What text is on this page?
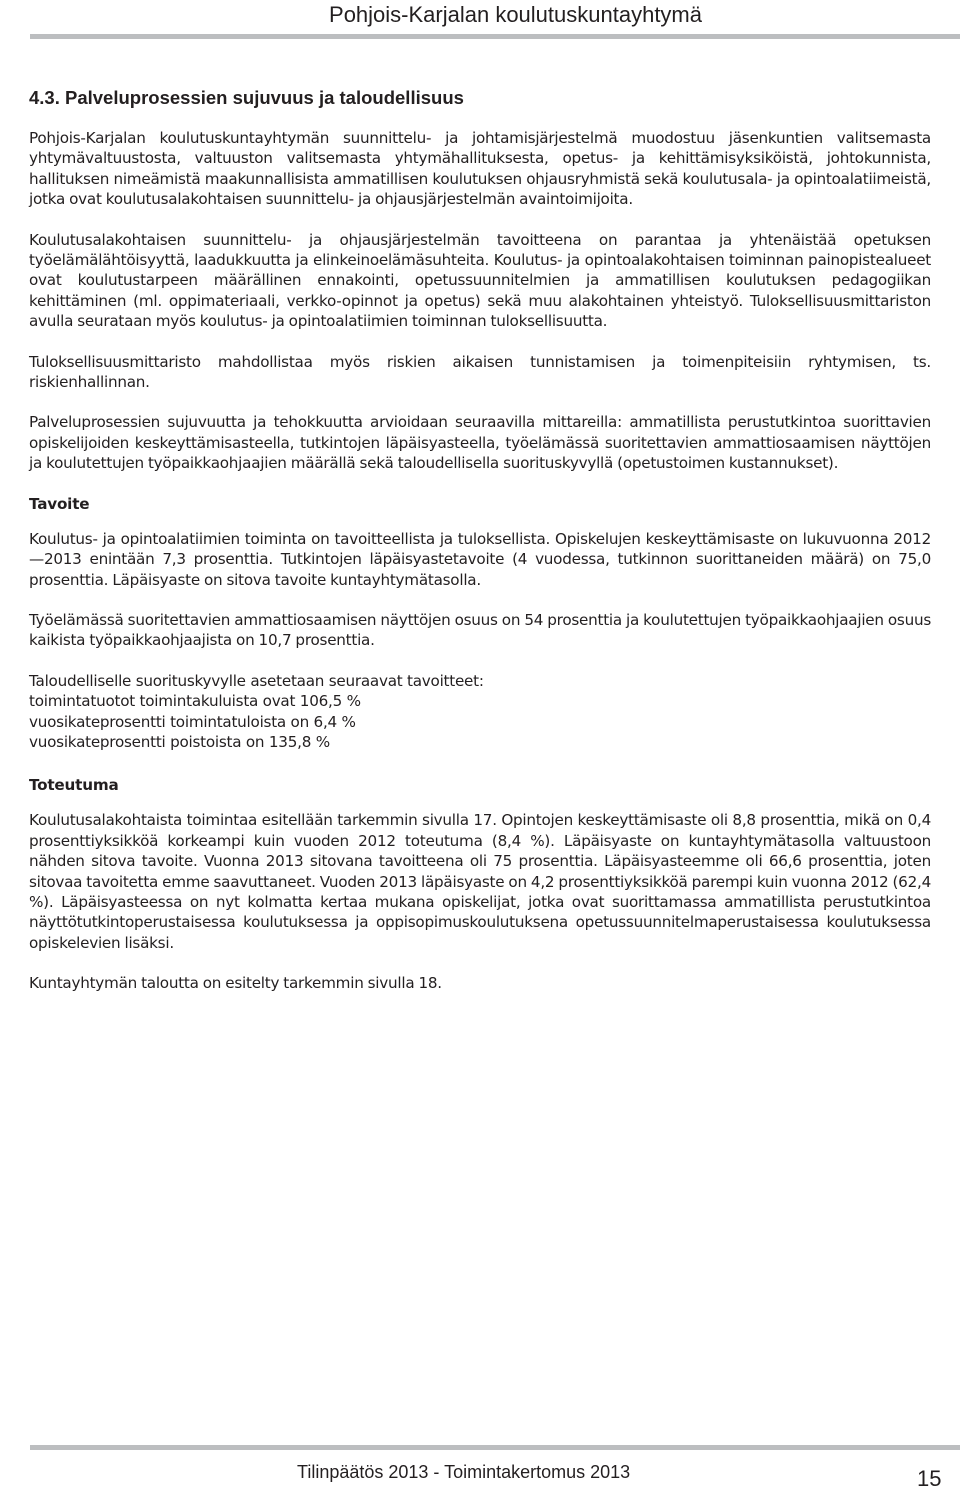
Pohjois-Karjalan koulutuskuntayhtymä
4.3. Palveluprosessien sujuvuus ja taloudellisuus

Pohjois-Karjalan koulutuskuntayhtymän suunnittelu- ja johtamisjärjestelmä muodostuu jäsenkuntien valitsemasta yhtymävaltuustosta, valtuuston valitsemasta yhtymähallituksesta, opetus- ja kehittämisyksiköistä, johtokunnista, hallituksen nimeämistä maakunnallisista ammatillisen koulutuksen ohjausryhmistä sekä koulutusala- ja opintoalatiimeistä, jotka ovat koulutusalakohtaisen suunnittelu- ja ohjausjärjestelmän avaintoimijoita.

Koulutusalakohtaisen suunnittelu- ja ohjausjärjestelmän tavoitteena on parantaa ja yhtenäistää opetuksen työelämälähtöisyyttä, laadukkuutta ja elinkeinoelämäsuhteita. Koulutus- ja opintoalakohtaisen toiminnan painopistealueet ovat koulutustarpeen määrällinen ennakointi, opetussuunnitelmien ja ammatillisen koulutuksen pedagogiikan kehittäminen (ml. oppimateriaali, verkko-opinnot ja opetus) sekä muu alakohtainen yhteistyö. Tuloksellisuusmittariston avulla seurataan myös koulutus- ja opintoalatiimien toiminnan tuloksellisuutta.

Tuloksellisuusmittaristo mahdollistaa myös riskien aikaisen tunnistamisen ja toimenpiteisiin ryhtymisen, ts. riskienhallinnan.

Palveluprosessien sujuvuutta ja tehokkuutta arvioidaan seuraavilla mittareilla: ammatillista perustutkintoa suorittavien opiskelijoiden keskeyttämisasteella, tutkintojen läpäisyasteella, työelämässä suoritettavien ammattiosaamisen näyttöjen ja koulutettujen työpaikkaohjaajien määrällä sekä taloudellisella suorituskyvyllä (opetustoimen kustannukset).

Tavoite

Koulutus- ja opintoalatiimien toiminta on tavoitteellista ja tuloksellista. Opiskelujen keskeyttämisaste on lukuvuonna 2012—2013 enintään 7,3 prosenttia. Tutkintojen läpäisyastetavoite (4 vuodessa, tutkinnon suorittaneiden määrä) on 75,0 prosenttia. Läpäisyaste on sitova tavoite kuntayhtymätasolla.

Työelämässä suoritettavien ammattiosaamisen näyttöjen osuus on 54 prosenttia ja koulutettujen työpaikkaohjaajien osuus kaikista työpaikkaohjaajista on 10,7 prosenttia.

Taloudelliselle suorituskyvylle asetetaan seuraavat tavoitteet:
toimintatuotot toimintakuluista ovat 106,5 %
vuosikateprosentti toimintatuloista on 6,4 %
vuosikateprosentti poistoista on 135,8 %
Toteutuma

Koulutusalakohtaista toimintaa esitellään tarkemmin sivulla 17. Opintojen keskeyttämisaste oli 8,8 prosenttia, mikä on 0,4 prosenttiyksikköä korkeampi kuin vuoden 2012 toteutuma (8,4 %). Läpäisyaste on kuntayhtymätasolla valtuustoon nähden sitova tavoite. Vuonna 2013 sitovana tavoitteena oli 75 prosenttia. Läpäisyasteemme oli 66,6 prosenttia, joten sitovaa tavoitetta emme saavuttaneet. Vuoden 2013 läpäisyaste on 4,2 prosenttiyksikköä parempi kuin vuonna 2012 (62,4 %). Läpäisyasteessa on nyt kolmatta kertaa mukana opiskelijat, jotka ovat suorittamassa ammatillista perustutkintoa näyttötutkintoperustaisessa koulutuksessa ja oppisopimuskoulutuksena opetussuunnitelmaperustaisessa koulutuksessa opiskelevien lisäksi.

Kuntayhtymän taloutta on esitelty tarkemmin sivulla 18.

Tilinpäätös 2013 - Toimintakertomus 2013	15
